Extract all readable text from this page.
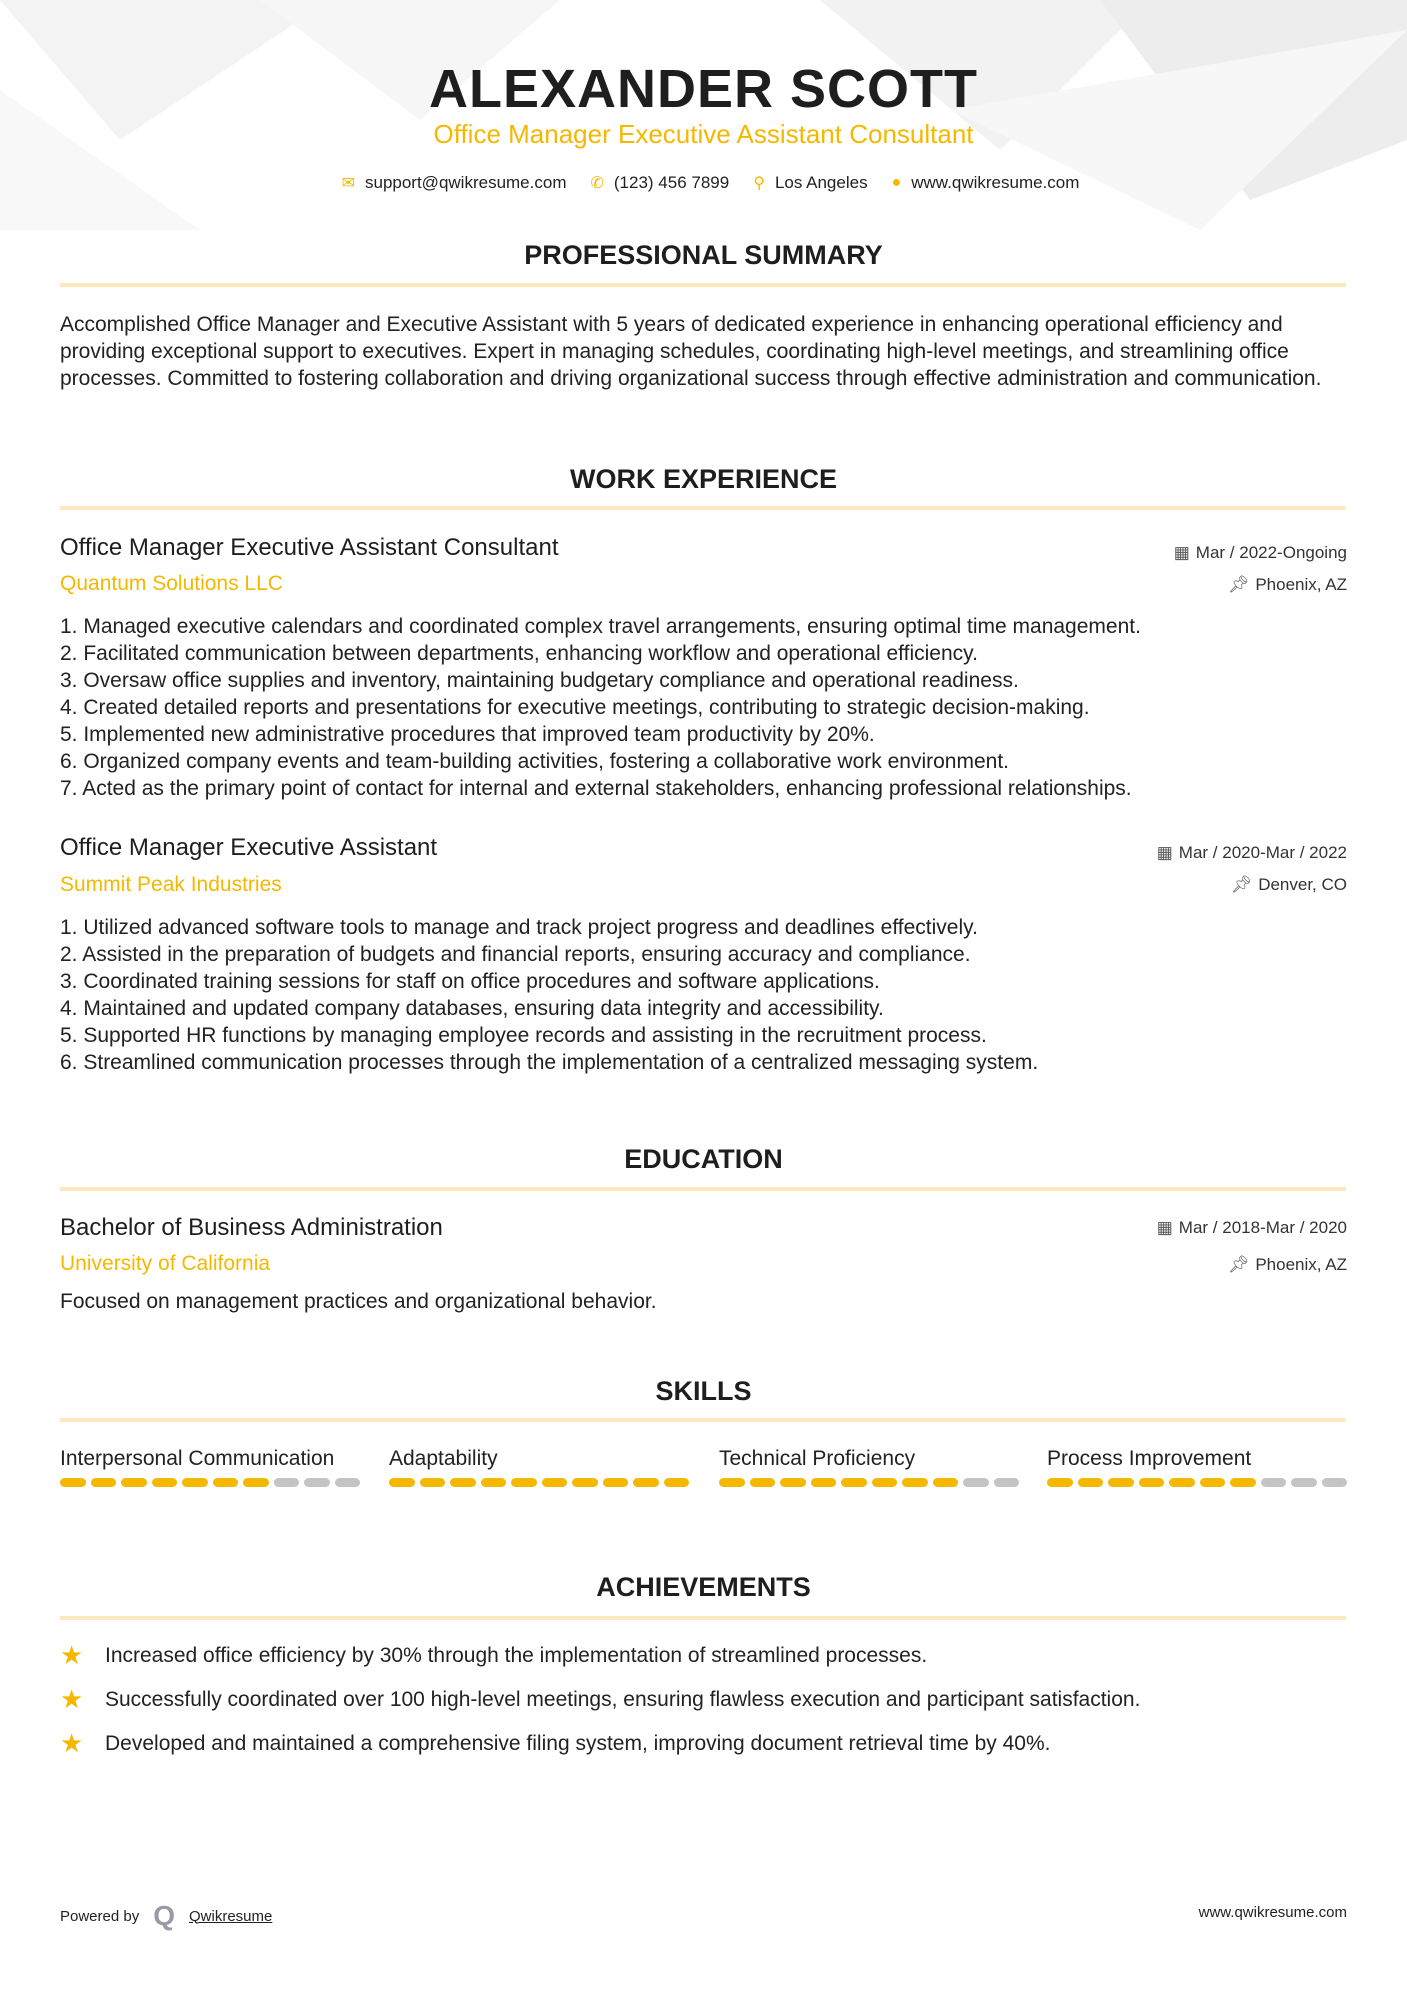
ALEXANDER SCOTT
Office Manager Executive Assistant Consultant
✉ support@qwikresume.com ✆ (123) 456 7899 ⚲ Los Angeles ● www.qwikresume.com
PROFESSIONAL SUMMARY
Accomplished Office Manager and Executive Assistant with 5 years of dedicated experience in enhancing operational efficiency and providing exceptional support to executives. Expert in managing schedules, coordinating high-level meetings, and streamlining office processes. Committed to fostering collaboration and driving organizational success through effective administration and communication.
WORK EXPERIENCE
Office Manager Executive Assistant Consultant
Quantum Solutions LLC
▦ Mar / 2022-Ongoing
📌︎ Phoenix, AZ
1. Managed executive calendars and coordinated complex travel arrangements, ensuring optimal time management.
2. Facilitated communication between departments, enhancing workflow and operational efficiency.
3. Oversaw office supplies and inventory, maintaining budgetary compliance and operational readiness.
4. Created detailed reports and presentations for executive meetings, contributing to strategic decision-making.
5. Implemented new administrative procedures that improved team productivity by 20%.
6. Organized company events and team-building activities, fostering a collaborative work environment.
7. Acted as the primary point of contact for internal and external stakeholders, enhancing professional relationships.
Office Manager Executive Assistant
Summit Peak Industries
▦ Mar / 2020-Mar / 2022
📌︎ Denver, CO
1. Utilized advanced software tools to manage and track project progress and deadlines effectively.
2. Assisted in the preparation of budgets and financial reports, ensuring accuracy and compliance.
3. Coordinated training sessions for staff on office procedures and software applications.
4. Maintained and updated company databases, ensuring data integrity and accessibility.
5. Supported HR functions by managing employee records and assisting in the recruitment process.
6. Streamlined communication processes through the implementation of a centralized messaging system.
EDUCATION
Bachelor of Business Administration
University of California
▦ Mar / 2018-Mar / 2020
📌︎ Phoenix, AZ
Focused on management practices and organizational behavior.
SKILLS
Interpersonal Communication	Adaptability	Technical Proficiency	Process Improvement
ACHIEVEMENTS
★	Increased office efficiency by 30% through the implementation of streamlined processes.
★	Successfully coordinated over 100 high-level meetings, ensuring flawless execution and participant satisfaction.
★	Developed and maintained a comprehensive filing system, improving document retrieval time by 40%.
Powered by Q Qwikresume	www.qwikresume.com
